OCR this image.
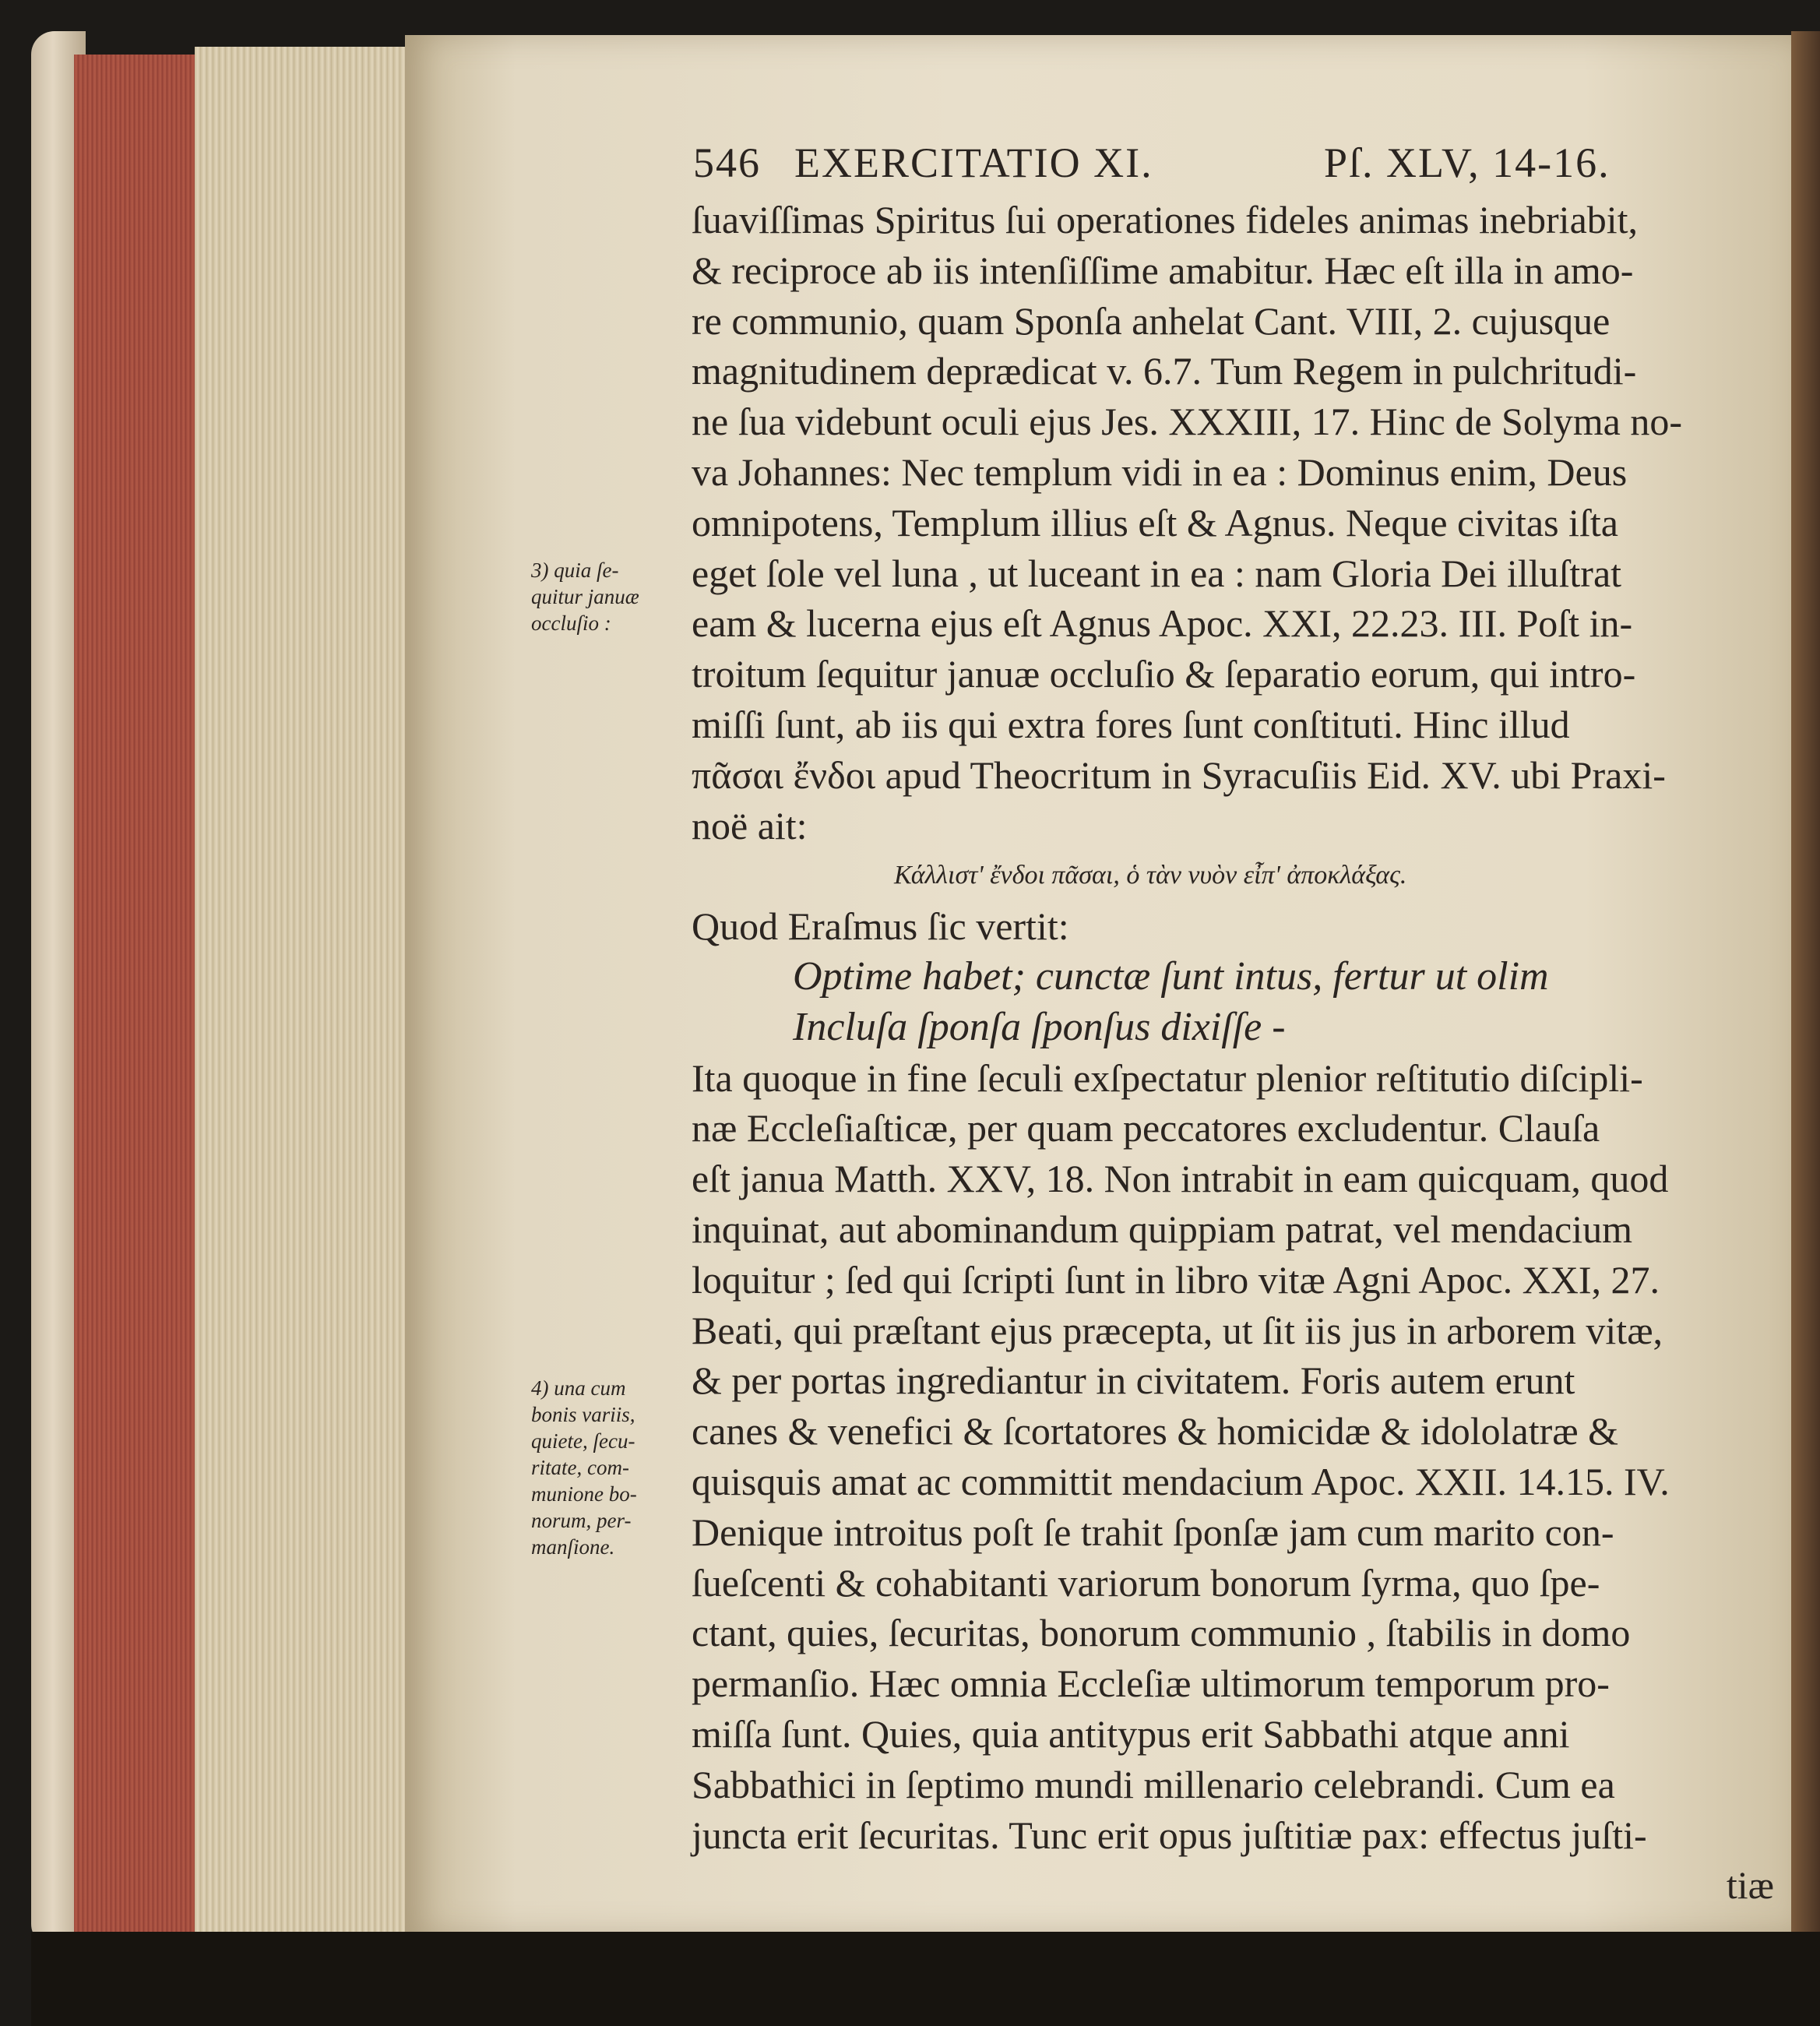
546 EXERCITATIO XI.	Pſ. XLV, 14-16.
ſuaviſſimas Spiritus ſui operationes fideles animas inebriabit,
& reciproce ab iis intenſiſſime amabitur. Hæc eſt illa in amo-
re communio, quam Sponſa anhelat Cant. VIII, 2. cujusque
magnitudinem deprædicat v. 6.7. Tum Regem in pulchritudi-
ne ſua videbunt oculi ejus Jes. XXXIII, 17. Hinc de Solyma no-
va Johannes: Nec templum vidi in ea : Dominus enim, Deus
omnipotens, Templum illius eſt & Agnus. Neque civitas iſta
eget ſole vel luna , ut luceant in ea : nam Gloria Dei illuſtrat
eam & lucerna ejus eſt Agnus Apoc. XXI, 22.23. III. Poſt in-
troitum ſequitur januæ occluſio & ſeparatio eorum, qui intro-
miſſi ſunt, ab iis qui extra fores ſunt conſtituti. Hinc illud
πᾶσαι ἔνδοι apud Theocritum in Syracuſiis Eid. XV. ubi Praxi-
noë ait:
Κάλλιστ' ἔνδοι πᾶσαι, ὁ τὰν νυὸν εἶπ' ἀποκλάξας.
Quod Eraſmus ſic vertit:
Optime habet; cunctæ ſunt intus, fertur ut olim
Incluſa ſponſa ſponſus dixiſſe -
Ita quoque in fine ſeculi exſpectatur plenior reſtitutio diſcipli-
næ Eccleſiaſticæ, per quam peccatores excludentur. Clauſa
eſt janua Matth. XXV, 18. Non intrabit in eam quicquam, quod
inquinat, aut abominandum quippiam patrat, vel mendacium
loquitur ; ſed qui ſcripti ſunt in libro vitæ Agni Apoc. XXI, 27.
Beati, qui præſtant ejus præcepta, ut ſit iis jus in arborem vitæ,
& per portas ingrediantur in civitatem. Foris autem erunt
canes & venefici & ſcortatores & homicidæ & idololatræ &
quisquis amat ac committit mendacium Apoc. XXII. 14.15. IV.
Denique introitus poſt ſe trahit ſponſæ jam cum marito con-
ſueſcenti & cohabitanti variorum bonorum ſyrma, quo ſpe-
ctant, quies, ſecuritas, bonorum communio , ſtabilis in domo
permanſio. Hæc omnia Eccleſiæ ultimorum temporum pro-
miſſa ſunt. Quies, quia antitypus erit Sabbathi atque anni
Sabbathici in ſeptimo mundi millenario celebrandi. Cum ea
juncta erit ſecuritas. Tunc erit opus juſtitiæ pax: effectus juſti-
tiæ
3) quia ſe-
quitur januæ
occluſio :
4) una cum
bonis variis,
quiete, ſecu-
ritate, com-
munione bo-
norum, per-
manſione.
